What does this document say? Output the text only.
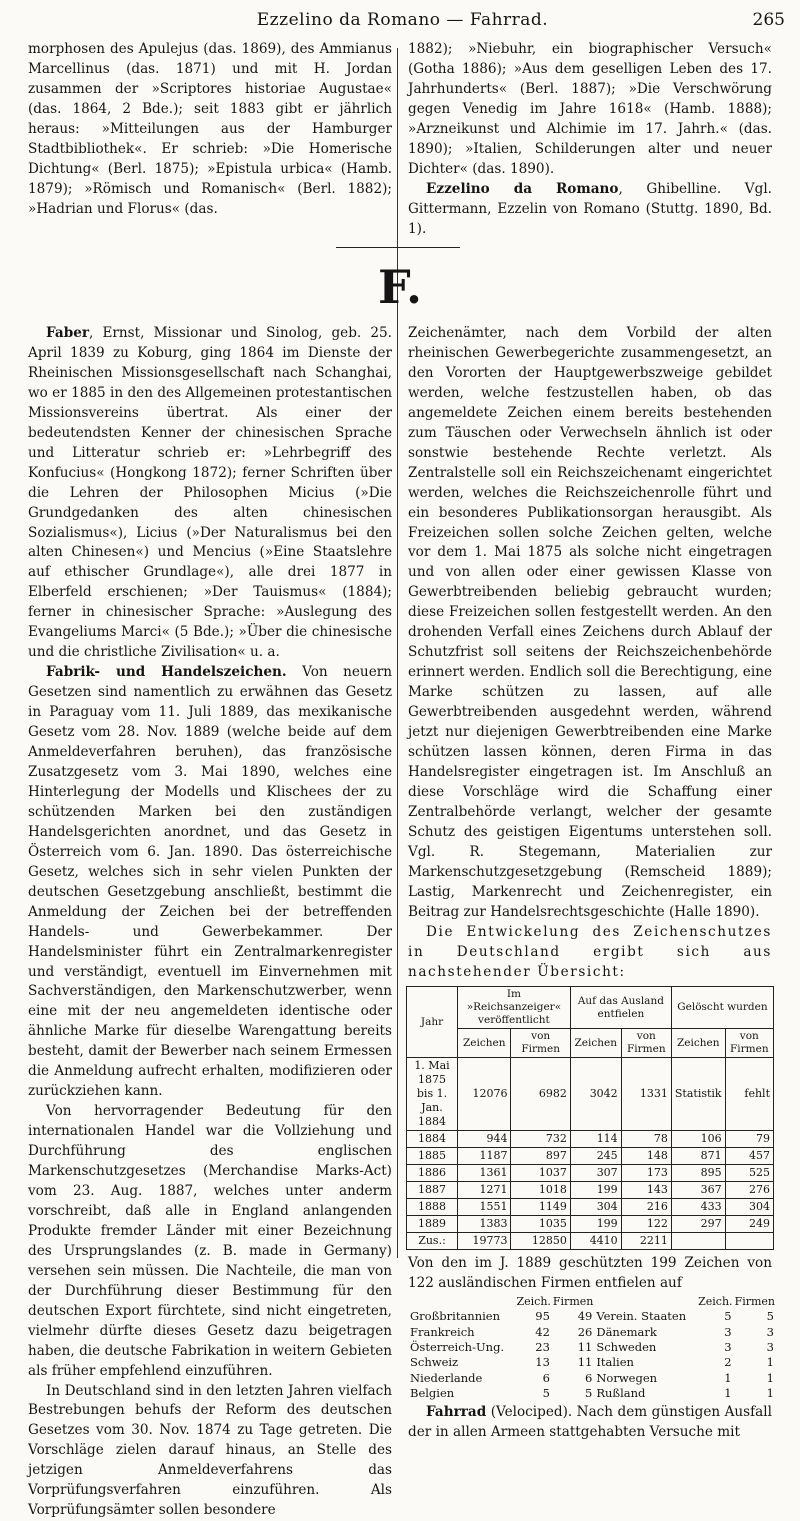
Ezzelino da Romano — Fahrrad.	265

morphosen des Apulejus (das. 1869), des Ammianus Marcellinus (das. 1871) und mit H. Jordan zusammen der »Scriptores historiae Augustae« (das. 1864, 2 Bde.); seit 1883 gibt er jährlich heraus: »Mitteilungen aus der Hamburger Stadtbibliothek«. Er schrieb: »Die Homerische Dichtung« (Berl. 1875); »Epistula urbica« (Hamb. 1879); »Römisch und Romanisch« (Berl. 1882); »Hadrian und Florus« (das.

1882); »Niebuhr, ein biographischer Versuch« (Gotha 1886); »Aus dem geselligen Leben des 17. Jahrhunderts« (Berl. 1887); »Die Verschwörung gegen Venedig im Jahre 1618« (Hamb. 1888); »Arzneikunst und Alchimie im 17. Jahrh.« (das. 1890); »Italien, Schilderungen alter und neuer Dichter« (das. 1890).

Ezzelino da Romano, Ghibelline. Vgl. Gittermann, Ezzelin von Romano (Stuttg. 1890, Bd. 1).

F.

Faber, Ernst, Missionar und Sinolog, geb. 25. April 1839 zu Koburg, ging 1864 im Dienste der Rheinischen Missionsgesellschaft nach Schanghai, wo er 1885 in den des Allgemeinen protestantischen Missionsvereins übertrat. Als einer der bedeutendsten Kenner der chinesischen Sprache und Litteratur schrieb er: »Lehrbegriff des Konfucius« (Hongkong 1872); ferner Schriften über die Lehren der Philosophen Micius (»Die Grundgedanken des alten chinesischen Sozialismus«), Licius (»Der Naturalismus bei den alten Chinesen«) und Mencius (»Eine Staatslehre auf ethischer Grundlage«), alle drei 1877 in Elberfeld erschienen; »Der Tauismus« (1884); ferner in chinesischer Sprache: »Auslegung des Evangeliums Marci« (5 Bde.); »Über die chinesische und die christliche Zivilisation« u. a.

Fabrik- und Handelszeichen. Von neuern Gesetzen sind namentlich zu erwähnen das Gesetz in Paraguay vom 11. Juli 1889, das mexikanische Gesetz vom 28. Nov. 1889 (welche beide auf dem Anmeldeverfahren beruhen), das französische Zusatzgesetz vom 3. Mai 1890, welches eine Hinterlegung der Modells und Klischees der zu schützenden Marken bei den zuständigen Handelsgerichten anordnet, und das Gesetz in Österreich vom 6. Jan. 1890. Das österreichische Gesetz, welches sich in sehr vielen Punkten der deutschen Gesetzgebung anschließt, bestimmt die Anmeldung der Zeichen bei der betreffenden Handels- und Gewerbekammer. Der Handelsminister führt ein Zentralmarkenregister und verständigt, eventuell im Einvernehmen mit Sachverständigen, den Markenschutzwerber, wenn eine mit der neu angemeldeten identische oder ähnliche Marke für dieselbe Warengattung bereits besteht, damit der Bewerber nach seinem Ermessen die Anmeldung aufrecht erhalten, modifizieren oder zurückziehen kann.

Von hervorragender Bedeutung für den internationalen Handel war die Vollziehung und Durchführung des englischen Markenschutzgesetzes (Merchandise Marks-Act) vom 23. Aug. 1887, welches unter anderm vorschreibt, daß alle in England anlangenden Produkte fremder Länder mit einer Bezeichnung des Ursprungslandes (z. B. made in Germany) versehen sein müssen. Die Nachteile, die man von der Durchführung dieser Bestimmung für den deutschen Export fürchtete, sind nicht eingetreten, vielmehr dürfte dieses Gesetz dazu beigetragen haben, die deutsche Fabrikation in weitern Gebieten als früher empfehlend einzuführen.

In Deutschland sind in den letzten Jahren vielfach Bestrebungen behufs der Reform des deutschen Gesetzes vom 30. Nov. 1874 zu Tage getreten. Die Vorschläge zielen darauf hinaus, an Stelle des jetzigen Anmeldeverfahrens das Vorprüfungsverfahren einzuführen. Als Vorprüfungsämter sollen besondere

Zeichenämter, nach dem Vorbild der alten rheinischen Gewerbegerichte zusammengesetzt, an den Vororten der Hauptgewerbszweige gebildet werden, welche festzustellen haben, ob das angemeldete Zeichen einem bereits bestehenden zum Täuschen oder Verwechseln ähnlich ist oder sonstwie bestehende Rechte verletzt. Als Zentralstelle soll ein Reichszeichenamt eingerichtet werden, welches die Reichszeichenrolle führt und ein besonderes Publikationsorgan herausgibt. Als Freizeichen sollen solche Zeichen gelten, welche vor dem 1. Mai 1875 als solche nicht eingetragen und von allen oder einer gewissen Klasse von Gewerbtreibenden beliebig gebraucht wurden; diese Freizeichen sollen festgestellt werden. An den drohenden Verfall eines Zeichens durch Ablauf der Schutzfrist soll seitens der Reichszeichenbehörde erinnert werden. Endlich soll die Berechtigung, eine Marke schützen zu lassen, auf alle Gewerbtreibenden ausgedehnt werden, während jetzt nur diejenigen Gewerbtreibenden eine Marke schützen lassen können, deren Firma in das Handelsregister eingetragen ist. Im Anschluß an diese Vorschläge wird die Schaffung einer Zentralbehörde verlangt, welcher der gesamte Schutz des geistigen Eigentums unterstehen soll. Vgl. R. Stegemann, Materialien zur Markenschutzgesetzgebung (Remscheid 1889); Lastig, Markenrecht und Zeichenregister, ein Beitrag zur Handelsrechtsgeschichte (Halle 1890).

Die Entwickelung des Zeichenschutzes in Deutschland ergibt sich aus nachstehender Übersicht:

Jahr	Im »Reichsanzeiger« veröffentlicht		Auf das Ausland entfielen		Gelöscht wurden	
	Zeichen	von Firmen	Zeichen	von Firmen	Zeichen	von Firmen
1. Mai 1875 bis 1. Jan. 1884	12076	6982	3042	1331	Statistik	fehlt
1884	944	732	114	78	106	79
1885	1187	897	245	148	871	457
1886	1361	1037	307	173	895	525
1887	1271	1018	199	143	367	276
1888	1551	1149	304	216	433	304
1889	1383	1035	199	122	297	249
Zus.:	19773	12850	4410	2211		

Von den im J. 1889 geschützten 199 Zeichen von 122 ausländischen Firmen entfielen auf

	Zeich.	Firmen		Zeich.	Firmen
Großbritannien	95	49	Verein. Staaten	5	5
Frankreich	42	26	Dänemark	3	3
Österreich-Ung.	23	11	Schweden	3	3
Schweiz	13	11	Italien	2	1
Niederlande	6	6	Norwegen	1	1
Belgien	5	5	Rußland	1	1

Fahrrad (Velociped). Nach dem günstigen Ausfall der in allen Armeen stattgehabten Versuche mit
